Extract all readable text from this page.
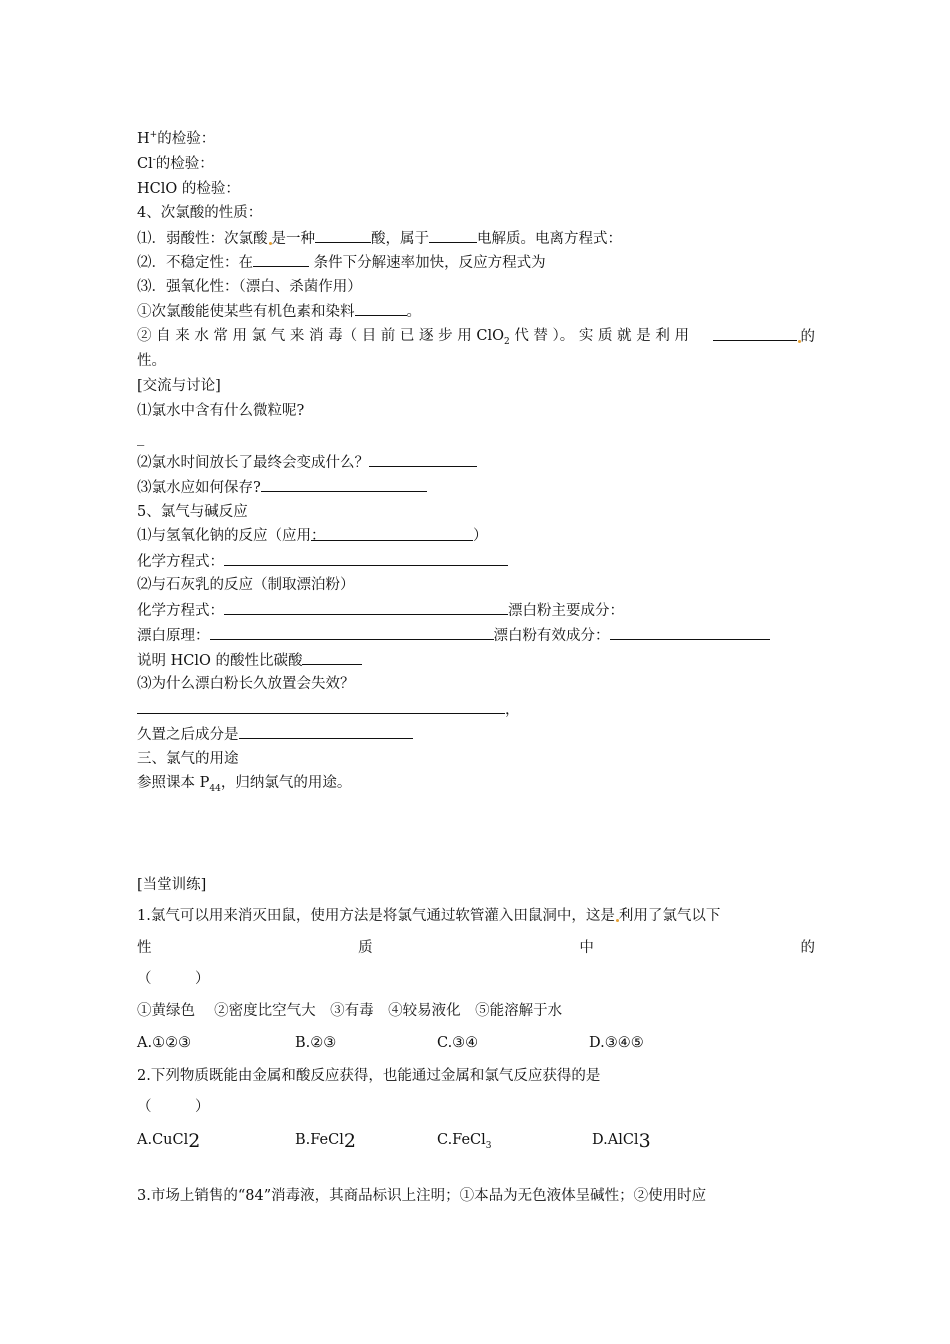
H+的检验：
Cl-的检验：
HClO 的检验：
4、次氯酸的性质：
⑴．弱酸性：次氯酸 是一种	酸，属于	电解质。电离方程式：
⑵．不稳定性：在	条件下分解速率加快，反应方程式为
⑶．强氧化性：（漂白、杀菌作用）
①次氯酸能使某些有机色素和染料	。
② 自 来 水 常 用 氯 气 来 消 毒（ 目 前 已 逐 步 用 ClO$_2$ 代 替 ）。 实 质 就 是 利 用	的
性。
[交流与讨论]
⑴氯水中含有什么微粒呢?
_
⑵氯水时间放长了最终会变成什么？
⑶氯水应如何保存?
5、氯气与碱反应
⑴与氢氧化钠的反应（应用：	）
化学方程式：
⑵与石灰乳的反应（制取漂泊粉）
化学方程式：	漂白粉主要成分：
漂白原理：	漂白粉有效成分：
说明 HClO 的酸性比碳酸
⑶为什么漂白粉长久放置会失效？
，
久置之后成分是
三、氯气的用途
参照课本 $P_{44}$，归纳氯气的用途。
[当堂训练]
1.氯气可以用来消灭田鼠，使用方法是将氯气通过软管灌入田鼠洞中，这是 利用了氯气以下
性	质	中	的
（　　　）
①黄绿色　 ②密度比空气大　③有毒　④较易液化　⑤能溶解于水
A.①②③	B.②③	C.③④	D.③④⑤
2.下列物质既能由金属和酸反应获得，也能通过金属和氯气反应获得的是
（　　　）
A.CuCl2	B.FeCl2	C.FeCl$_3$	D.AlCl3
3.市场上销售的“84”消毒液，其商品标识上注明；①本品为无色液体呈碱性；②使用时应
